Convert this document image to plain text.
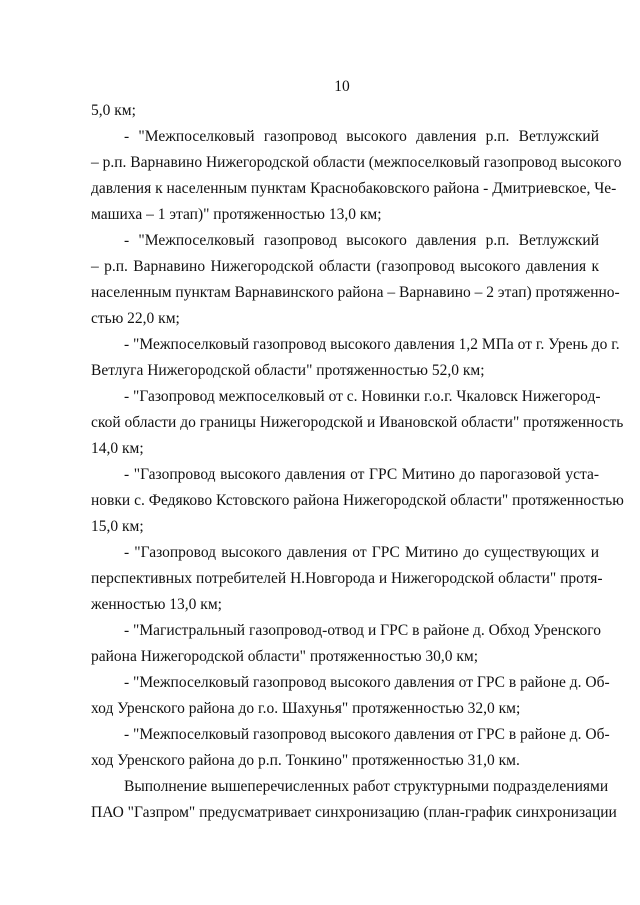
10
5,0 км;
- "Межпоселковый газопровод высокого давления р.п. Ветлужский
– р.п. Варнавино Нижегородской области (межпоселковый газопровод высокого
давления к населенным пунктам Краснобаковского района - Дмитриевское, Че-
машиха – 1 этап)" протяженностью 13,0 км;
- "Межпоселковый газопровод высокого давления р.п. Ветлужский
– р.п. Варнавино Нижегородской области (газопровод высокого давления к
населенным пунктам Варнавинского района – Варнавино – 2 этап) протяженно-
стью 22,0 км;
- "Межпоселковый газопровод высокого давления 1,2 МПа от г. Урень до г.
Ветлуга Нижегородской области" протяженностью 52,0 км;
- "Газопровод межпоселковый от с. Новинки г.о.г. Чкаловск Нижегород-
ской области до границы Нижегородской и Ивановской области" протяженность
14,0 км;
- "Газопровод высокого давления от ГРС Митино до парогазовой уста-
новки с. Федяково Кстовского района Нижегородской области" протяженностью
15,0 км;
- "Газопровод высокого давления от ГРС Митино до существующих и
перспективных потребителей Н.Новгорода и Нижегородской области" протя-
женностью 13,0 км;
- "Магистральный газопровод-отвод и ГРС в районе д. Обход Уренского
района Нижегородской области" протяженностью 30,0 км;
- "Межпоселковый газопровод высокого давления от ГРС в районе д. Об-
ход Уренского района до г.о. Шахунья" протяженностью 32,0 км;
- "Межпоселковый газопровод высокого давления от ГРС в районе д. Об-
ход Уренского района до р.п. Тонкино" протяженностью 31,0 км.
Выполнение вышеперечисленных работ структурными подразделениями
ПАО "Газпром" предусматривает синхронизацию (план-график синхронизации
